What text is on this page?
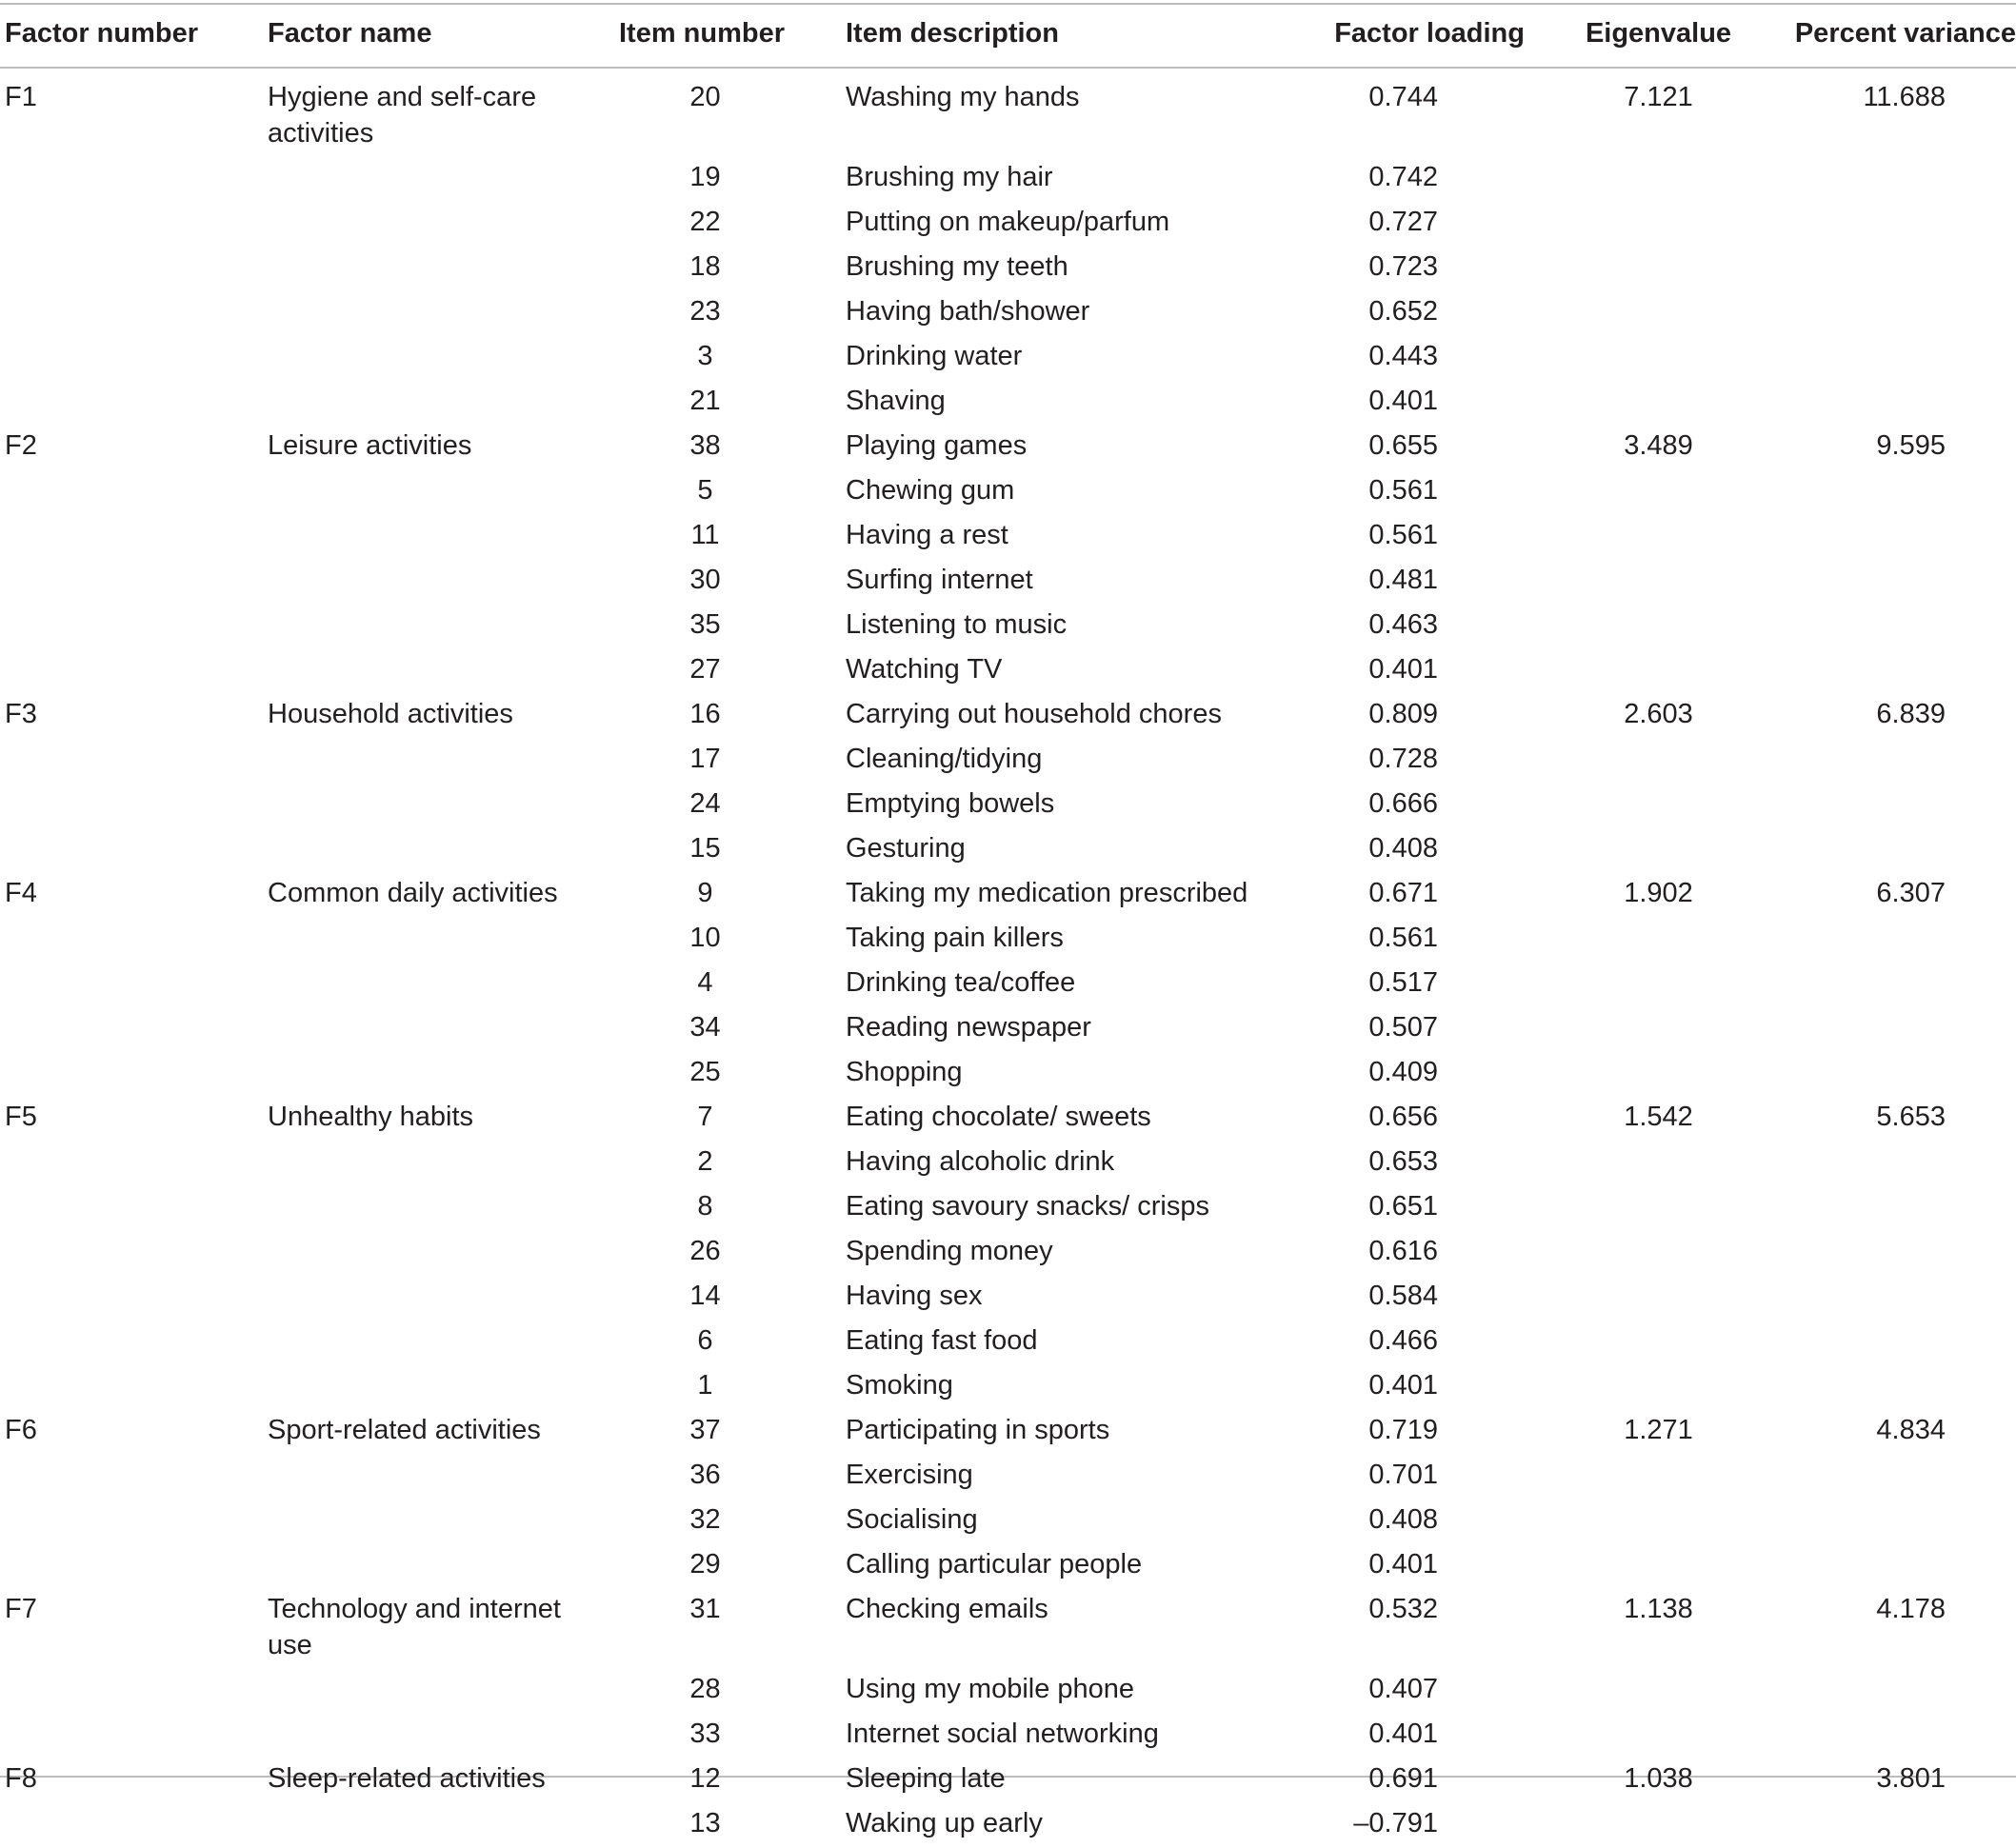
Factor number	Factor name	Item number	Item description	Factor loading	Eigenvalue	Percent variance
F1	Hygiene and self-care activities	20	Washing my hands	0.744	7.121	11.688
		19	Brushing my hair	0.742		
		22	Putting on makeup/parfum	0.727		
		18	Brushing my teeth	0.723		
		23	Having bath/shower	0.652		
		3	Drinking water	0.443		
		21	Shaving	0.401		
F2	Leisure activities	38	Playing games	0.655	3.489	9.595
		5	Chewing gum	0.561		
		11	Having a rest	0.561		
		30	Surfing internet	0.481		
		35	Listening to music	0.463		
		27	Watching TV	0.401		
F3	Household activities	16	Carrying out household chores	0.809	2.603	6.839
		17	Cleaning/tidying	0.728		
		24	Emptying bowels	0.666		
		15	Gesturing	0.408		
F4	Common daily activities	9	Taking my medication prescribed	0.671	1.902	6.307
		10	Taking pain killers	0.561		
		4	Drinking tea/coffee	0.517		
		34	Reading newspaper	0.507		
		25	Shopping	0.409		
F5	Unhealthy habits	7	Eating chocolate/ sweets	0.656	1.542	5.653
		2	Having alcoholic drink	0.653		
		8	Eating savoury snacks/ crisps	0.651		
		26	Spending money	0.616		
		14	Having sex	0.584		
		6	Eating fast food	0.466		
		1	Smoking	0.401		
F6	Sport-related activities	37	Participating in sports	0.719	1.271	4.834
		36	Exercising	0.701		
		32	Socialising	0.408		
		29	Calling particular people	0.401		
F7	Technology and internet use	31	Checking emails	0.532	1.138	4.178
		28	Using my mobile phone	0.407		
		33	Internet social networking	0.401		
F8	Sleep-related activities	12	Sleeping late	0.691	1.038	3.801
		13	Waking up early	–0.791		
